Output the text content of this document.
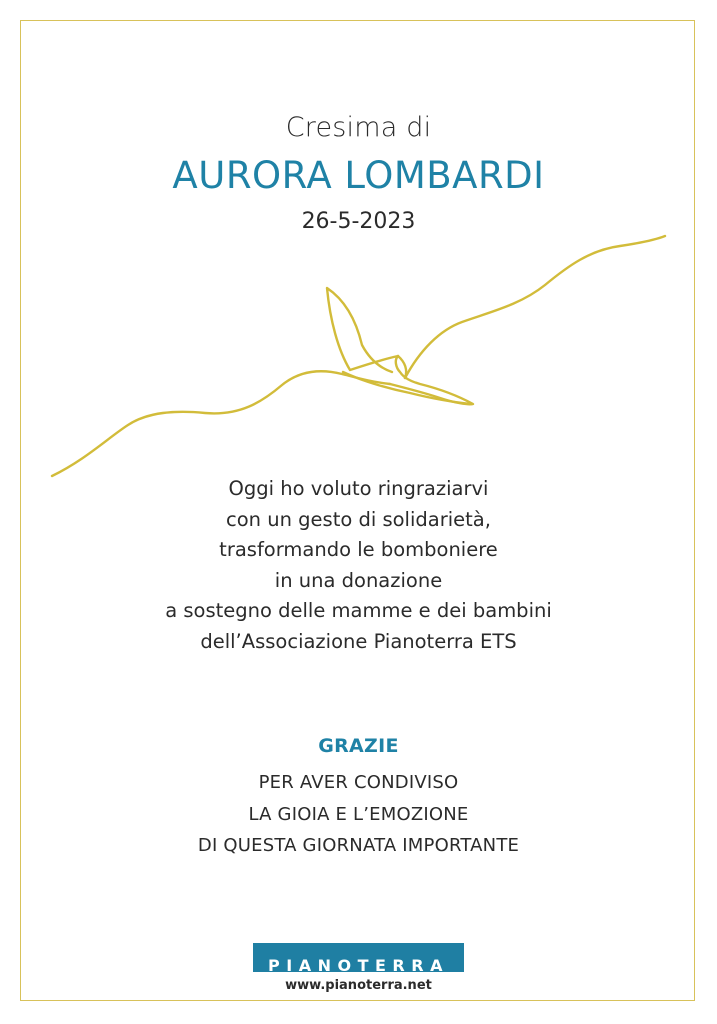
Cresima di
AURORA LOMBARDI
26-5-2023
Oggi ho voluto ringraziarvi
con un gesto di solidarietà,
trasformando le bomboniere
in una donazione
a sostegno delle mamme e dei bambini
dell’Associazione Pianoterra ETS
GRAZIE
PER AVER CONDIVISO
LA GIOIA E L’EMOZIONE
DI QUESTA GIORNATA IMPORTANTE
PIANOTERRA
www.pianoterra.net
